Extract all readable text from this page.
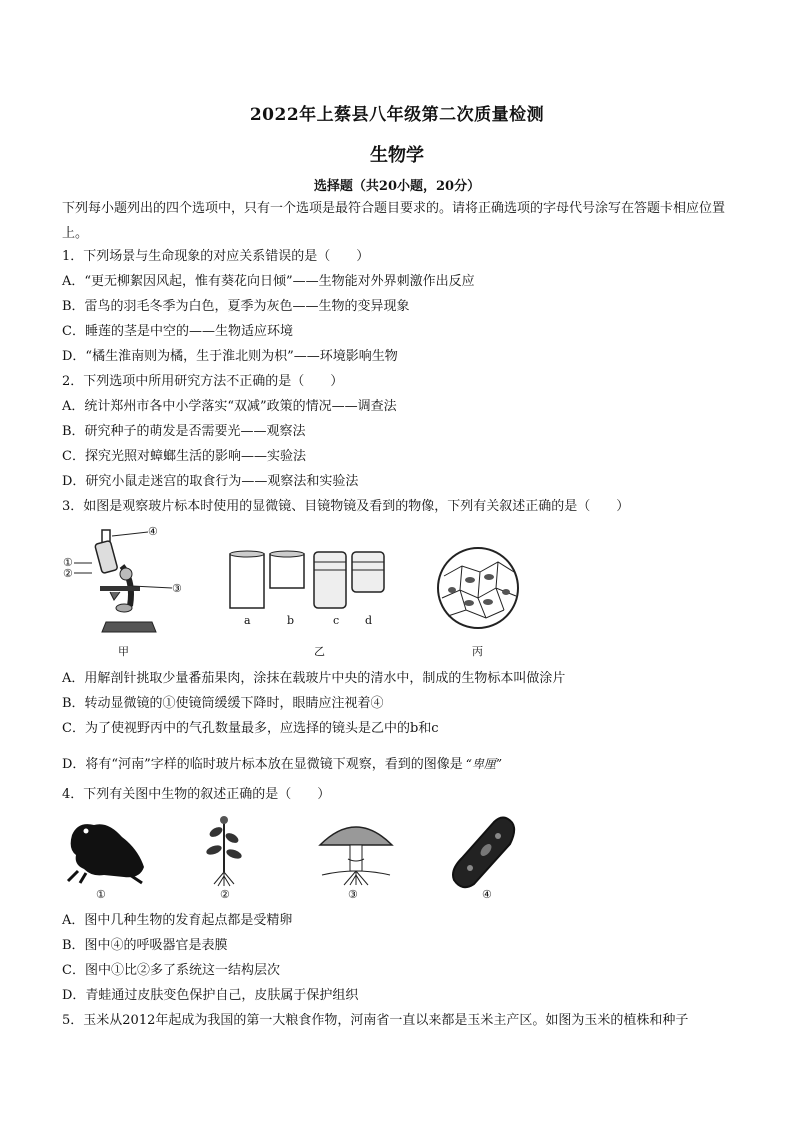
2022年上蔡县八年级第二次质量检测
生物学
选择题（共20小题，20分）
下列每小题列出的四个选项中，只有一个选项是最符合题目要求的。请将正确选项的字母代号涂写在答题卡相应位置上。
1．下列场景与生命现象的对应关系错误的是（　　）
A．“更无柳絮因风起，惟有葵花向日倾”——生物能对外界刺激作出反应
B．雷鸟的羽毛冬季为白色，夏季为灰色——生物的变异现象
C．睡莲的茎是中空的——生物适应环境
D．“橘生淮南则为橘，生于淮北则为枳”——环境影响生物
2．下列选项中所用研究方法不正确的是（　　）
A．统计郑州市各中小学落实“双减”政策的情况——调查法
B．研究种子的萌发是否需要光——观察法
C．探究光照对蟑螂生活的影响——实验法
D．研究小鼠走迷宫的取食行为——观察法和实验法
3．如图是观察玻片标本时使用的显微镜、目镜物镜及看到的物像，下列有关叙述正确的是（　　）
④
①
②
③
甲
a	b	c d
乙	丙
A．用解剖针挑取少量番茄果肉，涂抹在载玻片中央的清水中，制成的生物标本叫做涂片
B．转动显微镜的①使镜筒缓缓下降时，眼睛应注视着④
C．为了使视野丙中的气孔数量最多，应选择的镜头是乙中的b和c
D．将有“河南”字样的临时玻片标本放在显微镜下观察，看到的图像是 “卑厘”
4．下列有关图中生物的叙述正确的是（　　）
①	②	③	④
A．图中几种生物的发育起点都是受精卵
B．图中④的呼吸器官是表膜
C．图中①比②多了系统这一结构层次
D．青蛙通过皮肤变色保护自己，皮肤属于保护组织
5．玉米从2012年起成为我国的第一大粮食作物，河南省一直以来都是玉米主产区。如图为玉米的植株和种子
